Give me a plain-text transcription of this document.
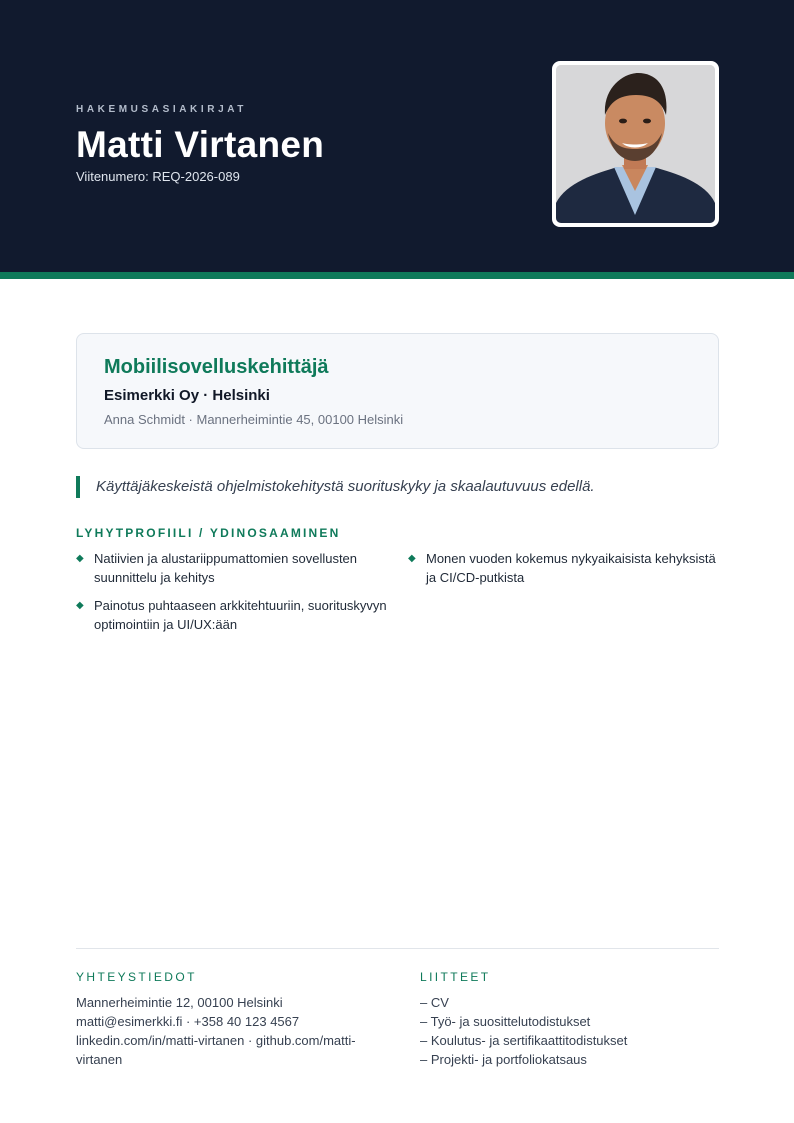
HAKEMUSASIAKIRJAT
Matti Virtanen
Viitenumero: REQ-2026-089
Mobiilisovelluskehittäjä
Esimerkki Oy · Helsinki
Anna Schmidt · Mannerheimintie 45, 00100 Helsinki
Käyttäjäkeskeistä ohjelmistokehitystä suorituskyky ja skaalautuvuus edellä.
LYHYTPROFIILI / YDINOSAAMINEN
◆ Natiivien ja alustariippumattomien sovellusten suunnittelu ja kehitys
◆ Painotus puhtaaseen arkkitehtuuriin, suorituskyvyn optimointiin ja UI/UX:ään
◆ Monen vuoden kokemus nykyaikaisista kehyksistä ja CI/CD-putkista
YHTEYSTIEDOT
Mannerheimintie 12, 00100 Helsinki
matti@esimerkki.fi · +358 40 123 4567
linkedin.com/in/matti-virtanen · github.com/matti-virtanen
LIITTEET
– CV
– Työ- ja suosittelutodistukset
– Koulutus- ja sertifikaattitodistukset
– Projekti- ja portfoliokatsaus
